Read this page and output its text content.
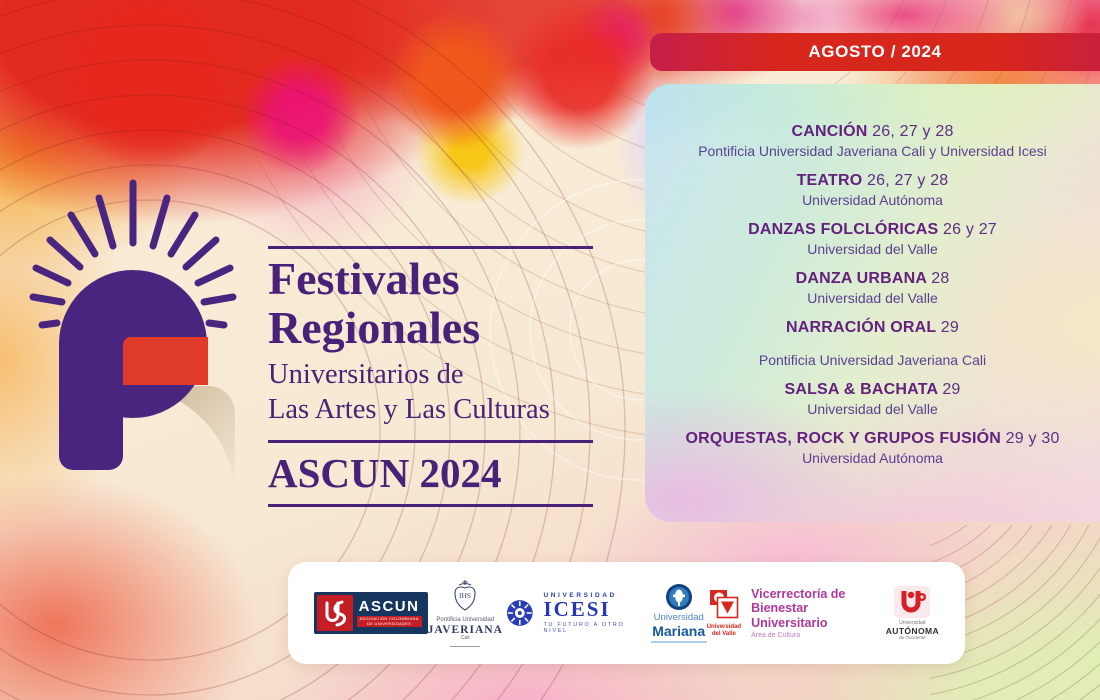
Festivales
Regionales
Universitarios de
Las Artes y Las Culturas
ASCUN 2024
AGOSTO / 2024
CANCIÓN 26, 27 y 28
Pontificia Universidad Javeriana Cali y Universidad Icesi
TEATRO 26, 27 y 28
Universidad Autónoma
DANZAS FOLCLÓRICAS 26 y 27
Universidad del Valle
DANZA URBANA 28
Universidad del Valle
NARRACIÓN ORAL 29
Pontificia Universidad Javeriana Cali
SALSA & BACHATA 29
Universidad del Valle
ORQUESTAS, ROCK Y GRUPOS FUSIÓN 29 y 30
Universidad Autónoma
ASCUN
ASOCIACIÓN COLOMBIANA DE UNIVERSIDADES
IHS
Pontificia Universidad
JAVERIANA
Cali
UNIVERSIDAD
ICESI
TU FUTURO A OTRO NIVEL
Universidad
Mariana Universidad
del Valle
Vicerrectoría de
Bienestar Universitario
Área de Cultura
Universidad
AUTÓNOMA
de Occidente
